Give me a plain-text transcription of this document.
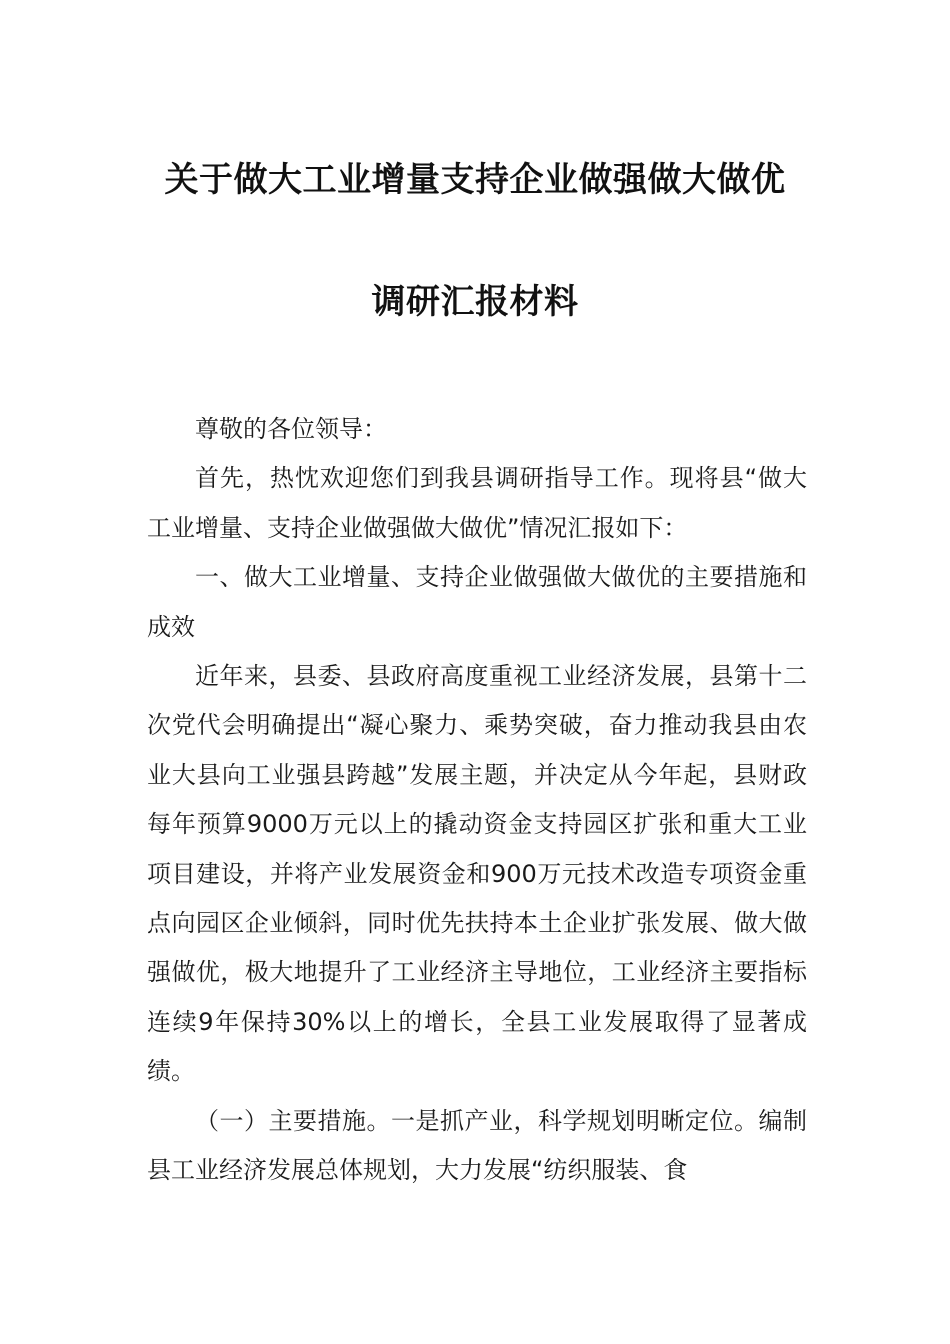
关于做大工业增量支持企业做强做大做优
调研汇报材料

尊敬的各位领导：

首先，热忱欢迎您们到我县调研指导工作。现将县“做大工业增量、支持企业做强做大做优”情况汇报如下：

一、做大工业增量、支持企业做强做大做优的主要措施和成效

近年来，县委、县政府高度重视工业经济发展，县第十二次党代会明确提出“凝心聚力、乘势突破，奋力推动我县由农业大县向工业强县跨越”发展主题，并决定从今年起，县财政每年预算9000万元以上的撬动资金支持园区扩张和重大工业项目建设，并将产业发展资金和900万元技术改造专项资金重点向园区企业倾斜，同时优先扶持本土企业扩张发展、做大做强做优，极大地提升了工业经济主导地位，工业经济主要指标连续9年保持30%以上的增长，全县工业发展取得了显著成绩。

（一）主要措施。一是抓产业，科学规划明晰定位。编制县工业经济发展总体规划，大力发展“纺织服装、食
